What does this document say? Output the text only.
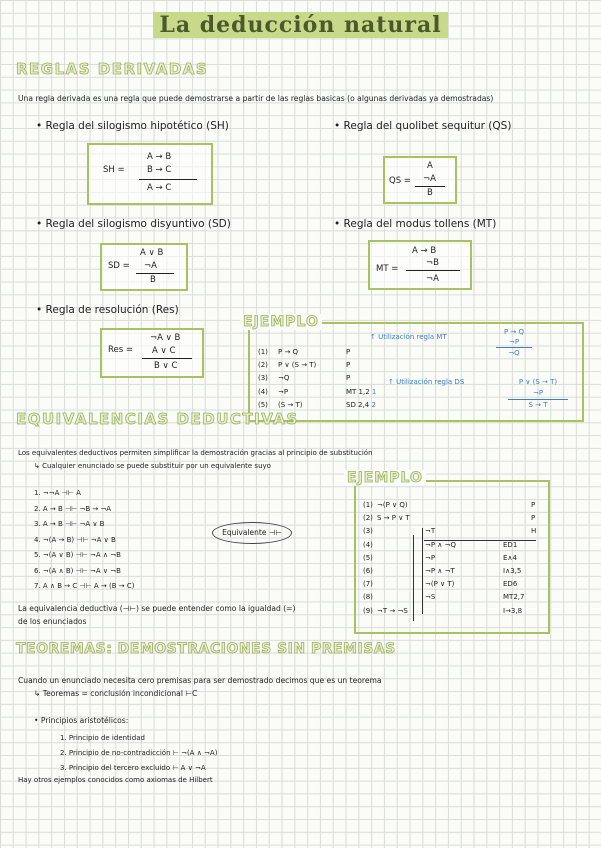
La deducción natural
REGLAS DERIVADAS
Una regla derivada es una regla que puede demostrarse a partir de las reglas basicas (o algunas derivadas ya demostradas)
• Regla del silogismo hipotético (SH)
SH =
A → B
B → C
A → C
• Regla del quolibet sequitur (QS)
QS =
A
¬A
B
• Regla del silogismo disyuntivo (SD)
SD =
A ∨ B
¬A
B
• Regla del modus tollens (MT)
MT =
A → B
¬B
¬A
• Regla de resolución (Res)
Res =
¬A ∨ B
A ∨ C
B ∨ C
EJEMPLO
(1) P → Q	P
(2) P ∨ (S → T)	P
(3) ¬Q	P
(4) ¬P	MT 1,2 1
(5) (S → T)	SD 2,4 2
↑ Utilización regla MT
P → Q
¬P
¬Q
↑ Utilización regla DS	P ∨ (S → T)
¬P
S → T
EQUIVALENCIAS DEDUCTIVAS
Los equivalentes deductivos permiten simplificar la demostración gracias al principio de substitución
↳ Cualquier enunciado se puede substituir por un equivalente suyo
1. ¬¬A ⊣⊢ A
2. A → B ⊣⊢ ¬B → ¬A
3. A → B ⊣⊢ ¬A ∨ B
4. ¬(A → B) ⊣⊢ ¬A ∨ B
5. ¬(A ∨ B) ⊣⊢ ¬A ∧ ¬B
6. ¬(A ∧ B) ⊣⊢ ¬A ∨ ¬B
7. A ∧ B → C ⊣⊢ A → (B → C)
Equivalente ⊣⊢
La equivalencia deductiva (⊣⊢) se puede entender como la igualdad (=)
de los enunciados
EJEMPLO
(1) ¬(P ∨ Q)	P
(2) S → P ∨ T	P
(3)	¬T	H
(4)	¬P ∧ ¬Q	ED1
(5)	¬P	E∧4
(6)	¬P ∧ ¬T	I∧3,5
(7)	¬(P ∨ T)	ED6
(8)	¬S	MT2,7
(9) ¬T → ¬S	I→3,8
TEOREMAS: DEMOSTRACIONES SIN PREMISAS
Cuando un enunciado necesita cero premisas para ser demostrado decimos que es un teorema
↳ Teoremas = conclusión incondicional ⊢C
• Principios aristotélicos:
1. Principio de identidad
2. Principio de no-contradicción ⊢ ¬(A ∧ ¬A)
3. Principio del tercero excluido ⊢ A ∨ ¬A
Hay otros ejemplos conocidos como axiomas de Hilbert
